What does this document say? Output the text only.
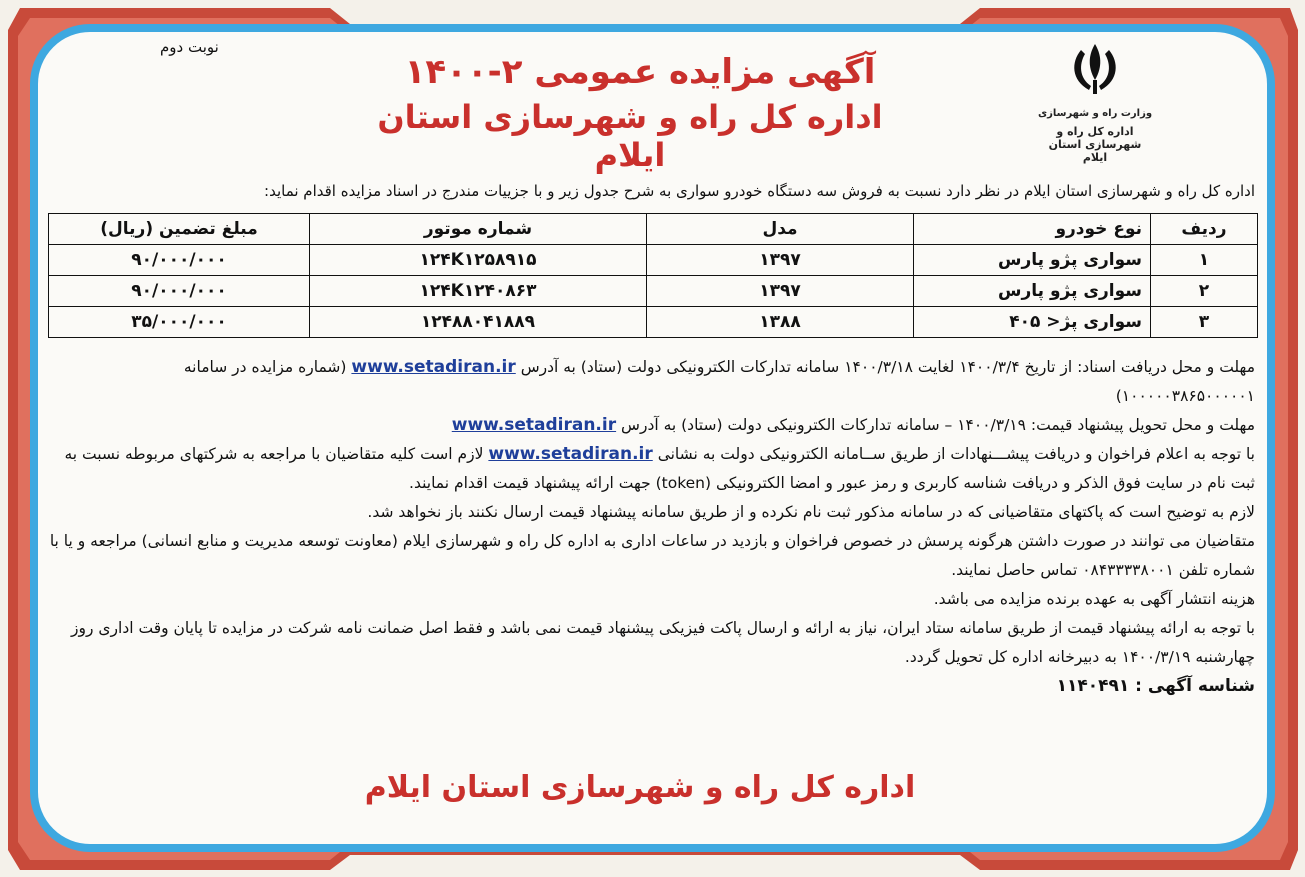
نوبت دوم
آگهی مزایده عمومی ۲-۱۴۰۰
اداره کل راه و شهرسازی استان ایلام
وزارت راه و شهرسازی
اداره کل راه و شهرسازی استان ایلام
اداره کل راه و شهرسازی استان ایلام در نظر دارد نسبت به فروش سه دستگاه خودرو سواری به شرح جدول زیر و با جزییات مندرج در اسناد مزایده اقدام نماید:
ردیف	نوع خودرو	مدل	شماره موتور	مبلغ تضمین (ریال)
۱	سواری پژو پارس	۱۳۹۷	۱۲۴K۱۲۵۸۹۱۵	۹۰/۰۰۰/۰۰۰
۲	سواری پژو پارس	۱۳۹۷	۱۲۴K۱۲۴۰۸۶۳	۹۰/۰۰۰/۰۰۰
۳	سواری پژ< ۴۰۵	۱۳۸۸	۱۲۴۸۸۰۴۱۸۸۹	۳۵/۰۰۰/۰۰۰

مهلت و محل دریافت اسناد: از تاریخ ۱۴۰۰/۳/۴ لغایت ۱۴۰۰/۳/۱۸ سامانه تدارکات الکترونیکی دولت (ستاد) به آدرس www.setadiran.ir (شماره مزایده در سامانه ۱۰۰۰۰۰۳۸۶۵۰۰۰۰۰۱)

مهلت و محل تحویل پیشنهاد قیمت: ۱۴۰۰/۳/۱۹ – سامانه تدارکات الکترونیکی دولت (ستاد) به آدرس www.setadiran.ir

با توجه به اعلام فراخوان و دریافت پیشـــنهادات از طریق ســامانه الکترونیکی دولت به نشانی www.setadiran.ir لازم است کلیه متقاضیان با مراجعه به شرکتهای مربوطه نسبت به ثبت نام در سایت فوق الذکر و دریافت شناسه کاربری و رمز عبور و امضا الکترونیکی (token) جهت ارائه پیشنهاد قیمت اقدام نمایند.

لازم به توضیح است که پاکتهای متقاضیانی که در سامانه مذکور ثبت نام نکرده و از طریق سامانه پیشنهاد قیمت ارسال نکنند باز نخواهد شد.

متقاضیان می توانند در صورت داشتن هرگونه پرسش در خصوص فراخوان و بازدید در ساعات اداری به اداره کل راه و شهرسازی ایلام (معاونت توسعه مدیریت و منابع انسانی) مراجعه و یا با شماره تلفن ۰۸۴۳۳۳۳۸۰۰۱ تماس حاصل نمایند.

هزینه انتشار آگهی به عهده برنده مزایده می باشد.

با توجه به ارائه پیشنهاد قیمت از طریق سامانه ستاد ایران، نیاز به ارائه و ارسال پاکت فیزیکی پیشنهاد قیمت نمی باشد و فقط اصل ضمانت نامه شرکت در مزایده تا پایان وقت اداری روز چهارشنبه ۱۴۰۰/۳/۱۹ به دبیرخانه اداره کل تحویل گردد.

شناسه آگهی : ۱۱۴۰۴۹۱

اداره کل راه و شهرسازی استان ایلام
